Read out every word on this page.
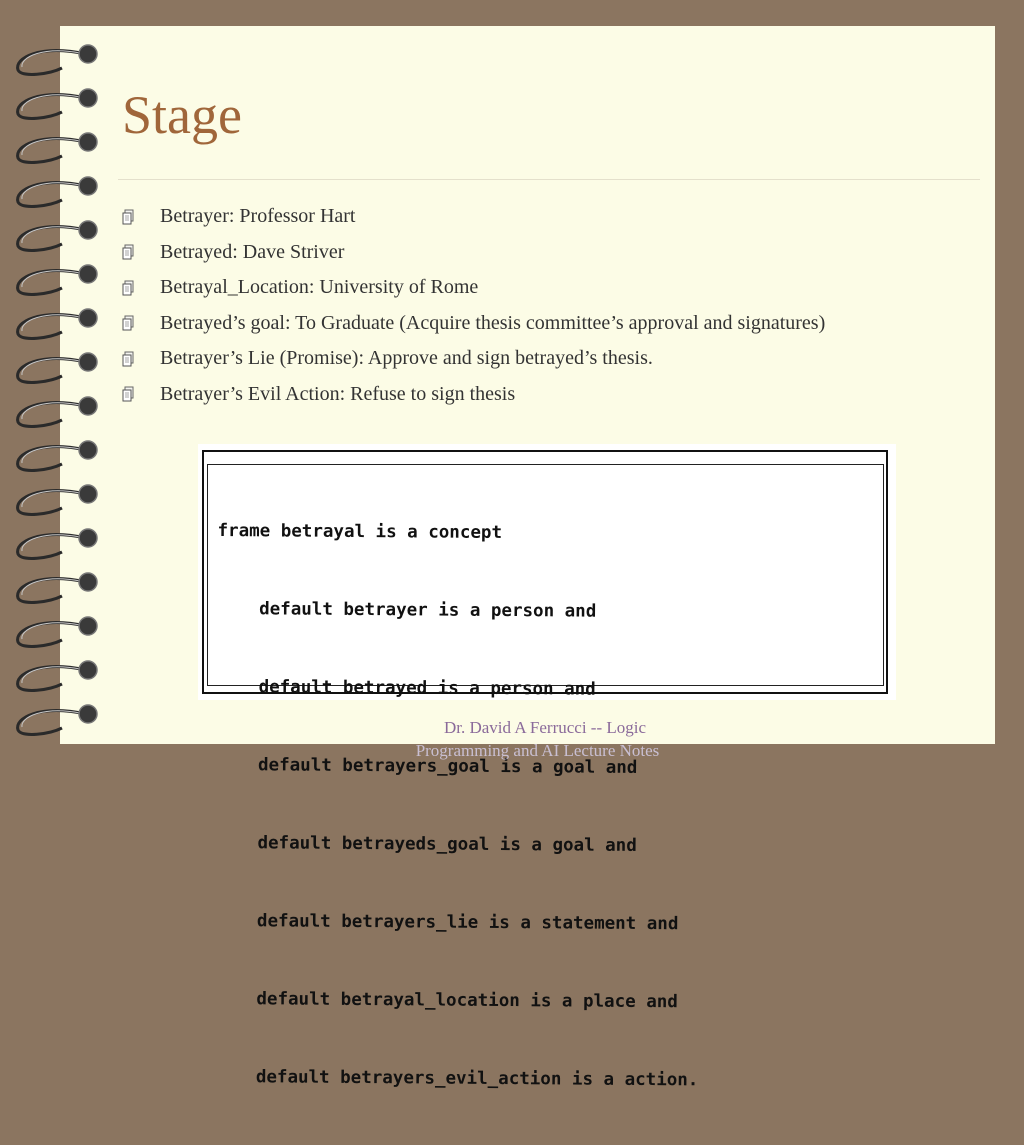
Stage
Betrayer: Professor Hart
Betrayed: Dave Striver
Betrayal_Location: University of Rome
Betrayed’s goal: To Graduate (Acquire thesis committee’s approval and signatures)
Betrayer’s Lie (Promise): Approve and sign betrayed’s thesis.
Betrayer’s Evil Action: Refuse to sign thesis

frame betrayal is a concept

default betrayer is a person and

default betrayed is a person and

default betrayers_goal is a goal and

default betrayeds_goal is a goal and

default betrayers_lie is a statement and

default betrayal_location is a place and

default betrayers_evil_action is a action.

Dr. David A Ferrucci -- Logic
Programming and AI Lecture Notes
